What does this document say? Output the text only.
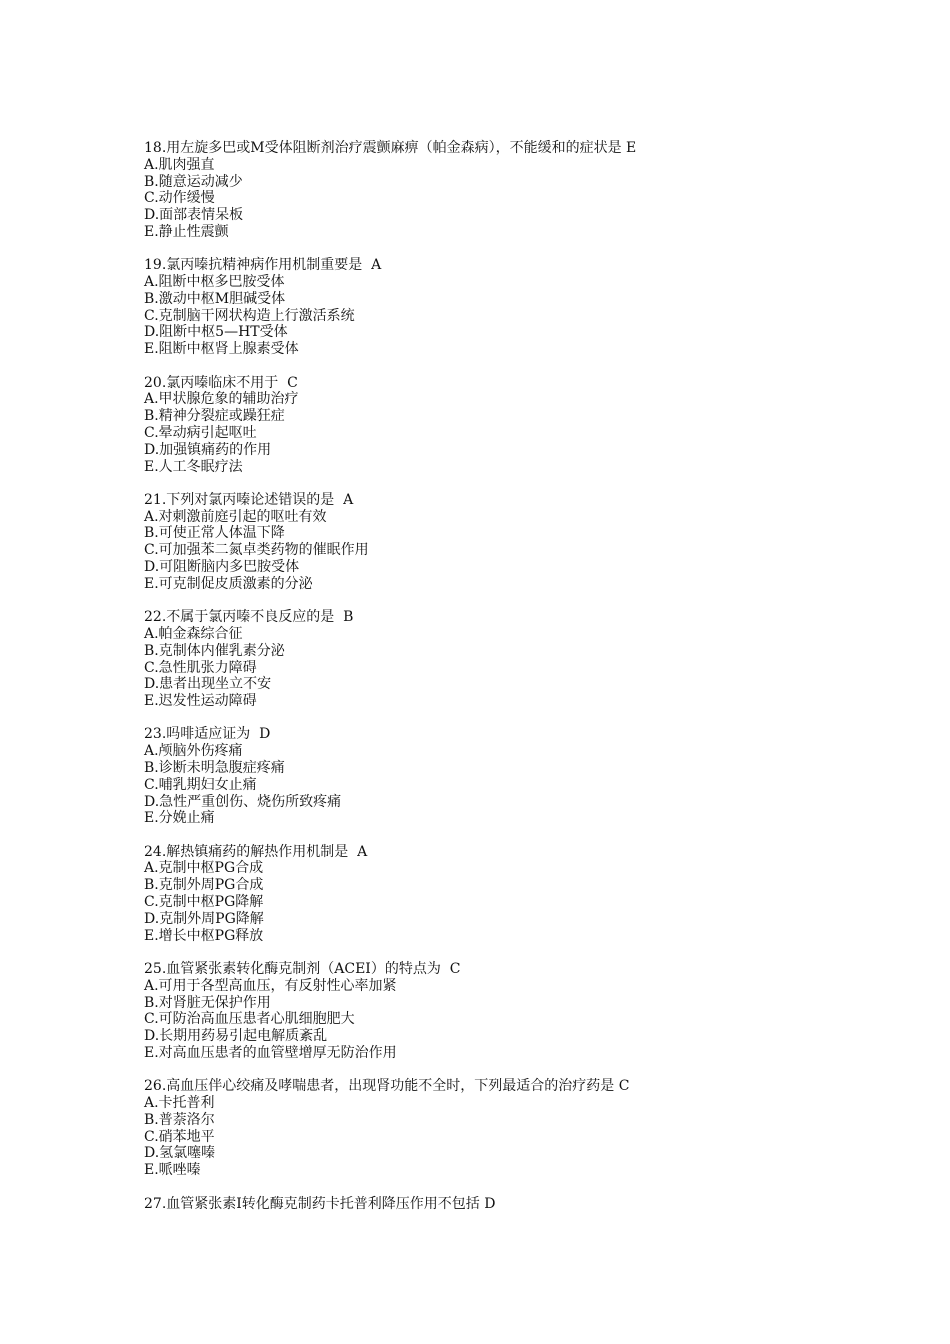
18.用左旋多巴或M受体阻断剂治疗震颤麻痹（帕金森病），不能缓和的症状是 E
A.肌肉强直
B.随意运动减少
C.动作缓慢
D.面部表情呆板
E.静止性震颤
19.氯丙嗪抗精神病作用机制重要是  A
A.阻断中枢多巴胺受体
B.激动中枢M胆碱受体
C.克制脑干网状构造上行激活系统
D.阻断中枢5—HT受体
E.阻断中枢肾上腺素受体
20.氯丙嗪临床不用于  C
A.甲状腺危象的辅助治疗
B.精神分裂症或躁狂症
C.晕动病引起呕吐
D.加强镇痛药的作用
E.人工冬眠疗法
21.下列对氯丙嗪论述错误的是  A
A.对刺激前庭引起的呕吐有效
B.可使正常人体温下降
C.可加强苯二氮卓类药物的催眠作用
D.可阻断脑内多巴胺受体
E.可克制促皮质激素的分泌
22.不属于氯丙嗪不良反应的是  B
A.帕金森综合征
B.克制体内催乳素分泌
C.急性肌张力障碍
D.患者出现坐立不安
E.迟发性运动障碍
23.吗啡适应证为  D
A.颅脑外伤疼痛
B.诊断未明急腹症疼痛
C.哺乳期妇女止痛
D.急性严重创伤、烧伤所致疼痛
E.分娩止痛
24.解热镇痛药的解热作用机制是  A
A.克制中枢PG合成
B.克制外周PG合成
C.克制中枢PG降解
D.克制外周PG降解
E.增长中枢PG释放
25.血管紧张素转化酶克制剂（ACEI）的特点为  C
A.可用于各型高血压，有反射性心率加紧
B.对肾脏无保护作用
C.可防治高血压患者心肌细胞肥大
D.长期用药易引起电解质紊乱
E.对高血压患者的血管壁增厚无防治作用
26.高血压伴心绞痛及哮喘患者，出现肾功能不全时，下列最适合的治疗药是 C
A.卡托普利
B.普萘洛尔
C.硝苯地平
D.氢氯噻嗪
E.哌唑嗪
27.血管紧张素I转化酶克制药卡托普利降压作用不包括 D
